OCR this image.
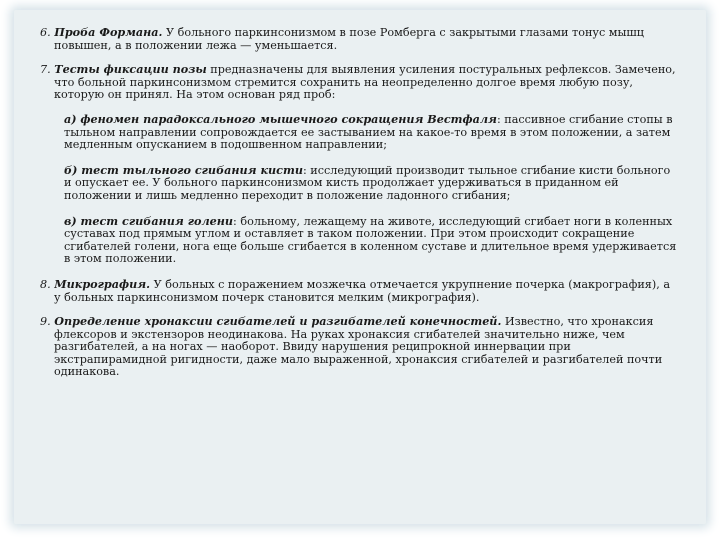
6. Проба Формана. У больного паркинсонизмом в позе Ромберга с закрытыми глазами тонус мышц повышен, а в положении лежа — уменьшается.
7. Тесты фиксации позы предназначены для выявления усиления постуральных рефлексов. Замечено, что больной паркинсонизмом стремится сохранить на неопределенно долгое время любую позу, которую он принял. На этом основан ряд проб:
а) феномен парадоксального мышечного сокращения Вестфаля: пассивное сгибание стопы в тыльном направлении сопровождается ее застыванием на какое-то время в этом положении, а затем медленным опусканием в подошвенном направлении;
б) тест тыльного сгибания кисти: исследующий производит тыльное сгибание кисти больного и опускает ее. У больного паркинсонизмом кисть продолжает удерживаться в приданном ей положении и лишь медленно переходит в положение ладонного сгибания;
в) тест сгибания голени: больному, лежащему на животе, исследующий сгибает ноги в коленных суставах под прямым углом и оставляет в таком положении. При этом происходит сокращение сгибателей голени, нога еще больше сгибается в коленном суставе и длительное время удерживается в этом положении.
8. Микрография. У больных с поражением мозжечка отмечается укрупнение почерка (макрография), а у больных паркинсонизмом почерк становится мелким (микрография).
9. Определение хронаксии сгибателей и разгибателей конечностей. Известно, что хронаксия флексоров и экстензоров неодинакова. На руках хронаксия сгибателей значительно ниже, чем разгибателей, а на ногах — наоборот. Ввиду нарушения реципрокной иннервации при экстрапирамидной ригидности, даже мало выраженной, хронаксия сгибателей и разгибателей почти одинакова.
